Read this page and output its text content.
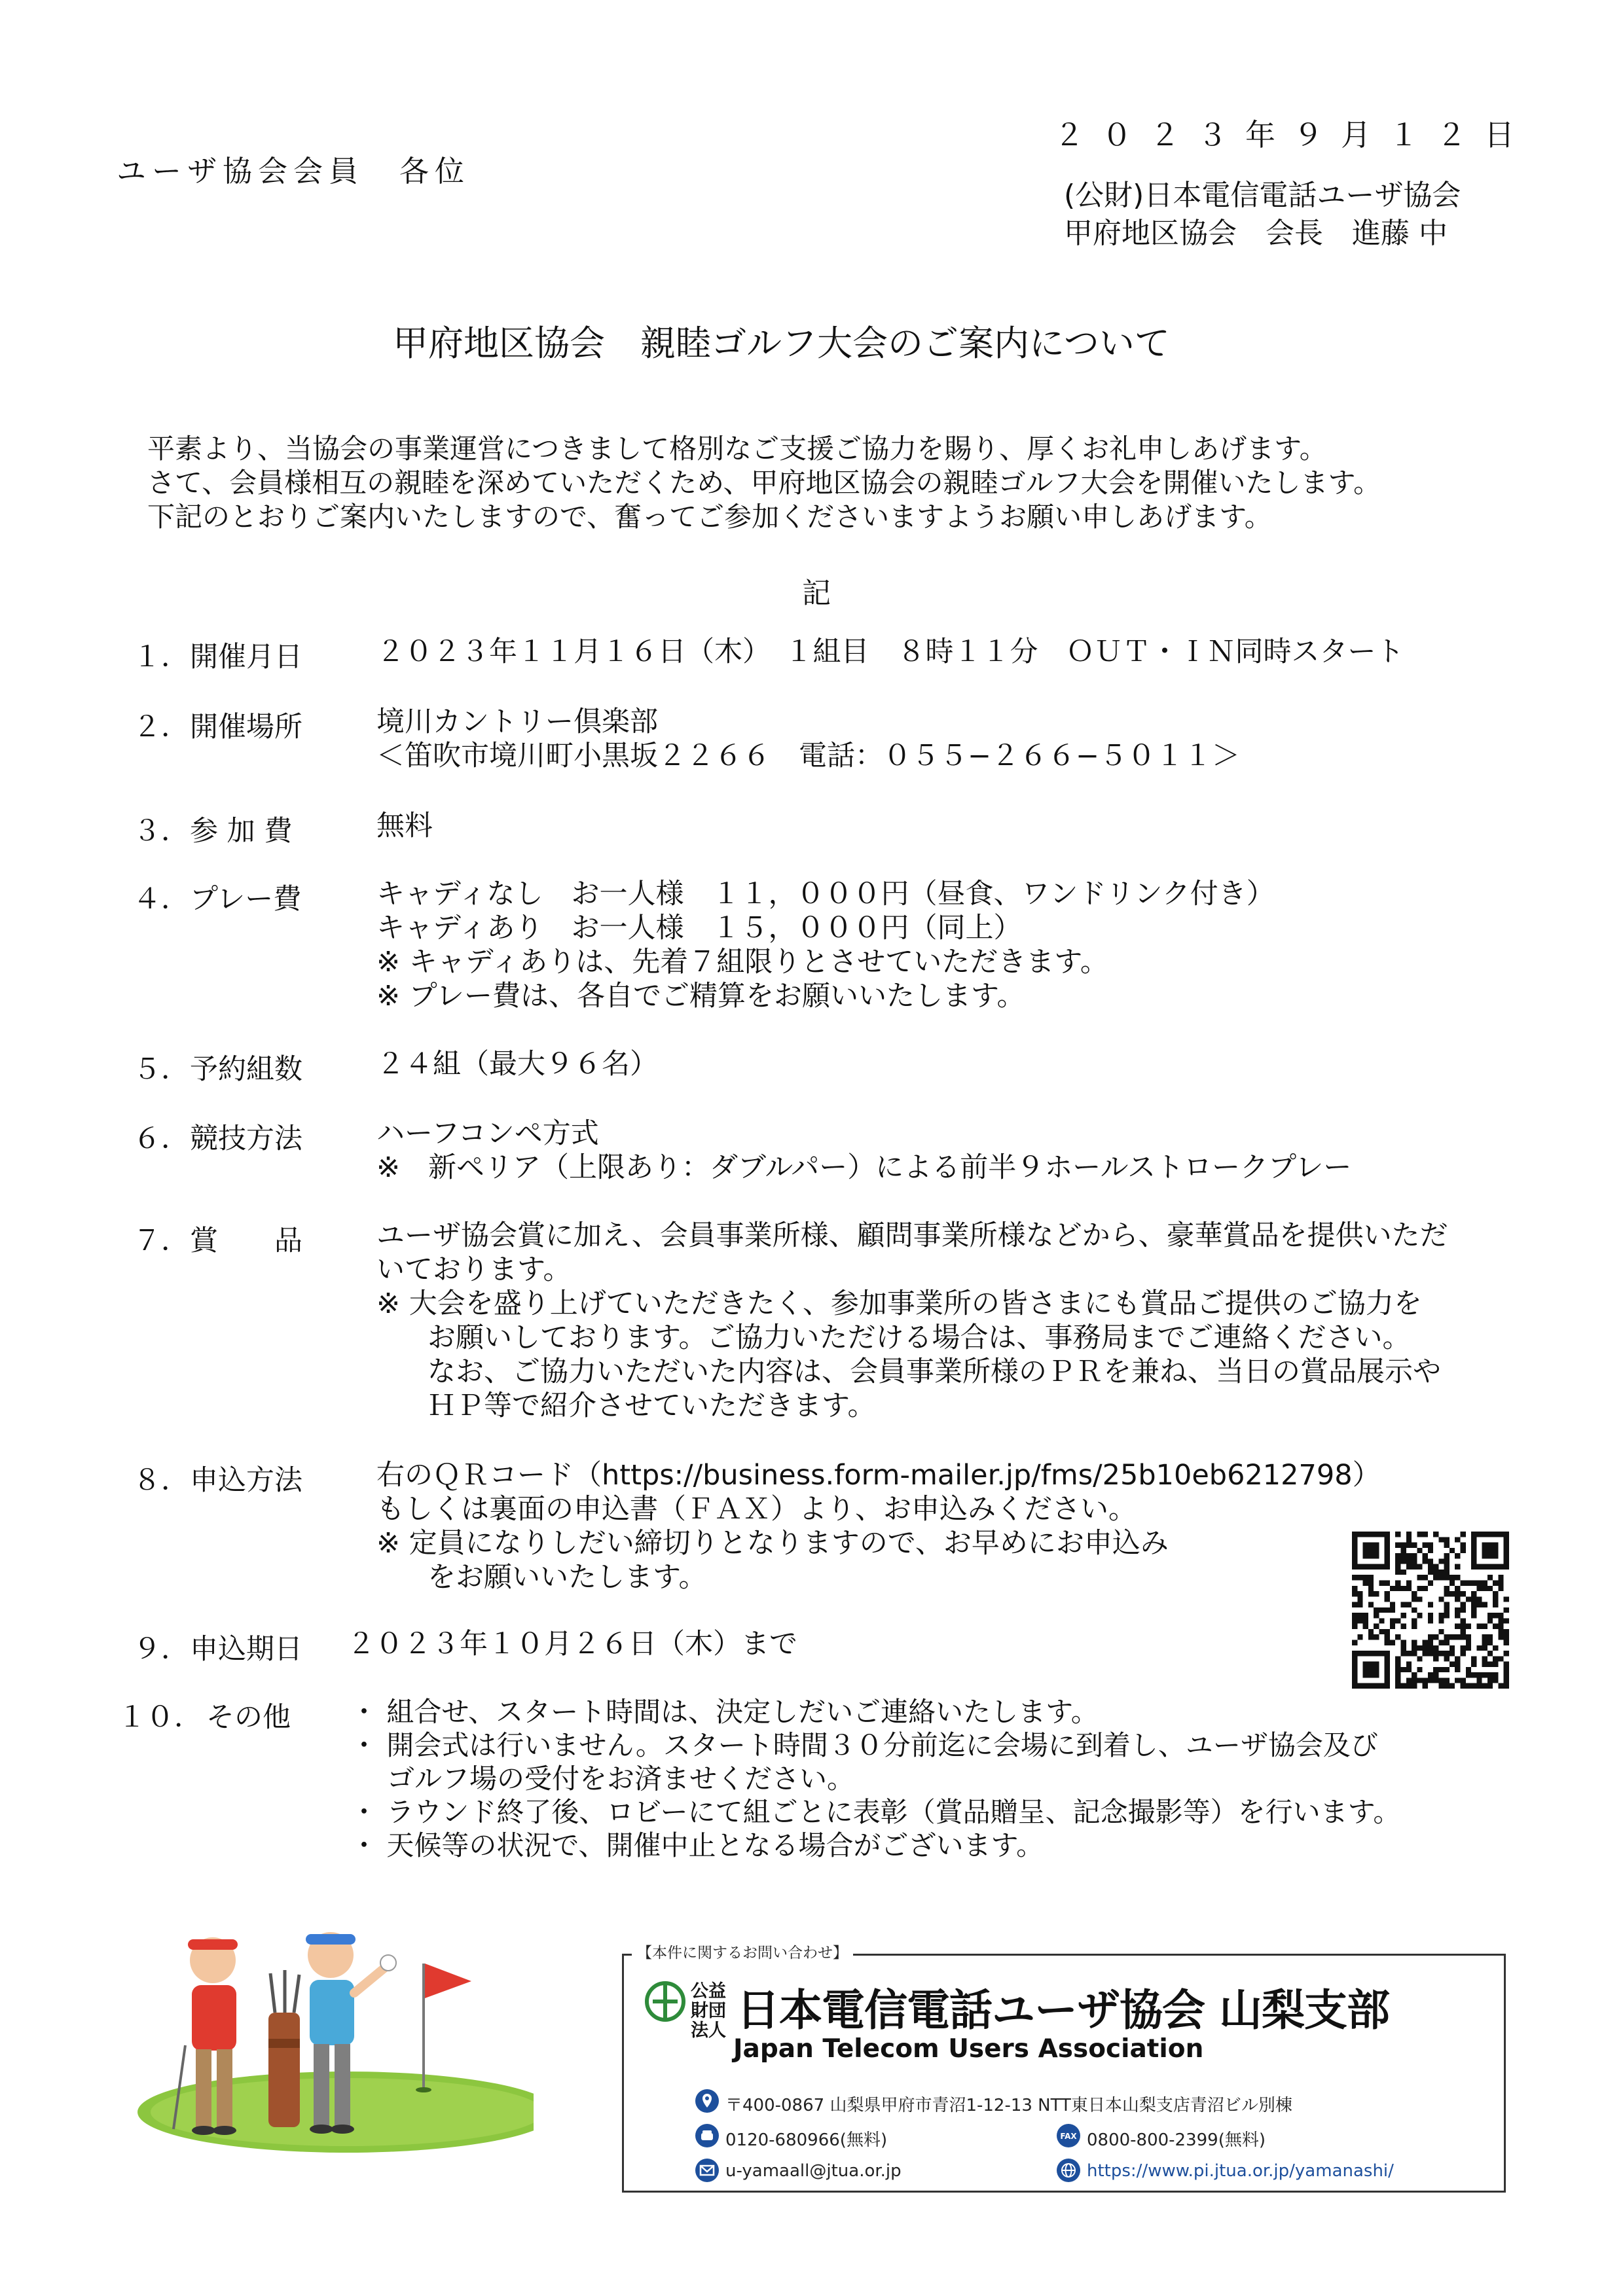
２０２３年９月１２日
ユーザ協会会員　各位
(公財)日本電信電話ユーザ協会
甲府地区協会　会長　進藤 中
甲府地区協会　親睦ゴルフ大会のご案内について
平素より、当協会の事業運営につきまして格別なご支援ご協力を賜り、厚くお礼申しあげます。
さて、会員様相互の親睦を深めていただくため、甲府地区協会の親睦ゴルフ大会を開催いたします。
下記のとおりご案内いたしますので、奮ってご参加くださいますようお願い申しあげます。
記
１． 開催月日	２０２３年１１月１６日（木）　１組目　８時１１分　ＯＵＴ・ＩＮ同時スタート
２． 開催場所	境川カントリー倶楽部
＜笛吹市境川町小黒坂２２６６　電話：０５５−２６６−５０１１＞
３． 参 加 費	無料
４． プレー費	キャディなし　お一人様　１１，０００円（昼食、ワンドリンク付き）
キャディあり　お一人様　１５，０００円（同上）
※ キャディありは、先着７組限りとさせていただきます。
※ プレー費は、各自でご精算をお願いいたします。
５． 予約組数	２４組（最大９６名）
６． 競技方法	ハーフコンペ方式
※　新ペリア（上限あり：ダブルパー）による前半９ホールストロークプレー
７． 賞　　品	ユーザ協会賞に加え、会員事業所様、顧問事業所様などから、豪華賞品を提供いただ
いております。
※ 大会を盛り上げていただきたく、参加事業所の皆さまにも賞品ご提供のご協力を
お願いしております。ご協力いただける場合は、事務局までご連絡ください。
なお、ご協力いただいた内容は、会員事業所様のＰＲを兼ね、当日の賞品展示や
ＨＰ等で紹介させていただきます。
８． 申込方法	右のＱＲコード（https://business.form-mailer.jp/fms/25b10eb6212798）
もしくは裏面の申込書（ＦＡＸ）より、お申込みください。
※ 定員になりしだい締切りとなりますので、お早めにお申込み
をお願いいたします。
９． 申込期日 ２０２３年１０月２６日（木）まで
１０． その他 ・ 組合せ、スタート時間は、決定しだいご連絡いたします。
・ 開会式は行いません。スタート時間３０分前迄に会場に到着し、ユーザ協会及び
ゴルフ場の受付をお済ませください。
・ ラウンド終了後、ロビーにて組ごとに表彰（賞品贈呈、記念撮影等）を行います。
・ 天候等の状況で、開催中止となる場合がございます。
【本件に関するお問い合わせ】
公益財団法人 日本電信電話ユーザ協会 山梨支部
Japan Telecom Users Association
〒400-0867 山梨県甲府市青沼1-12-13 NTT東日本山梨支店青沼ビル別棟
0120-680966(無料)	FAX 0800-800-2399(無料)
u-yamaall@jtua.or.jp	https://www.pi.jtua.or.jp/yamanashi/
